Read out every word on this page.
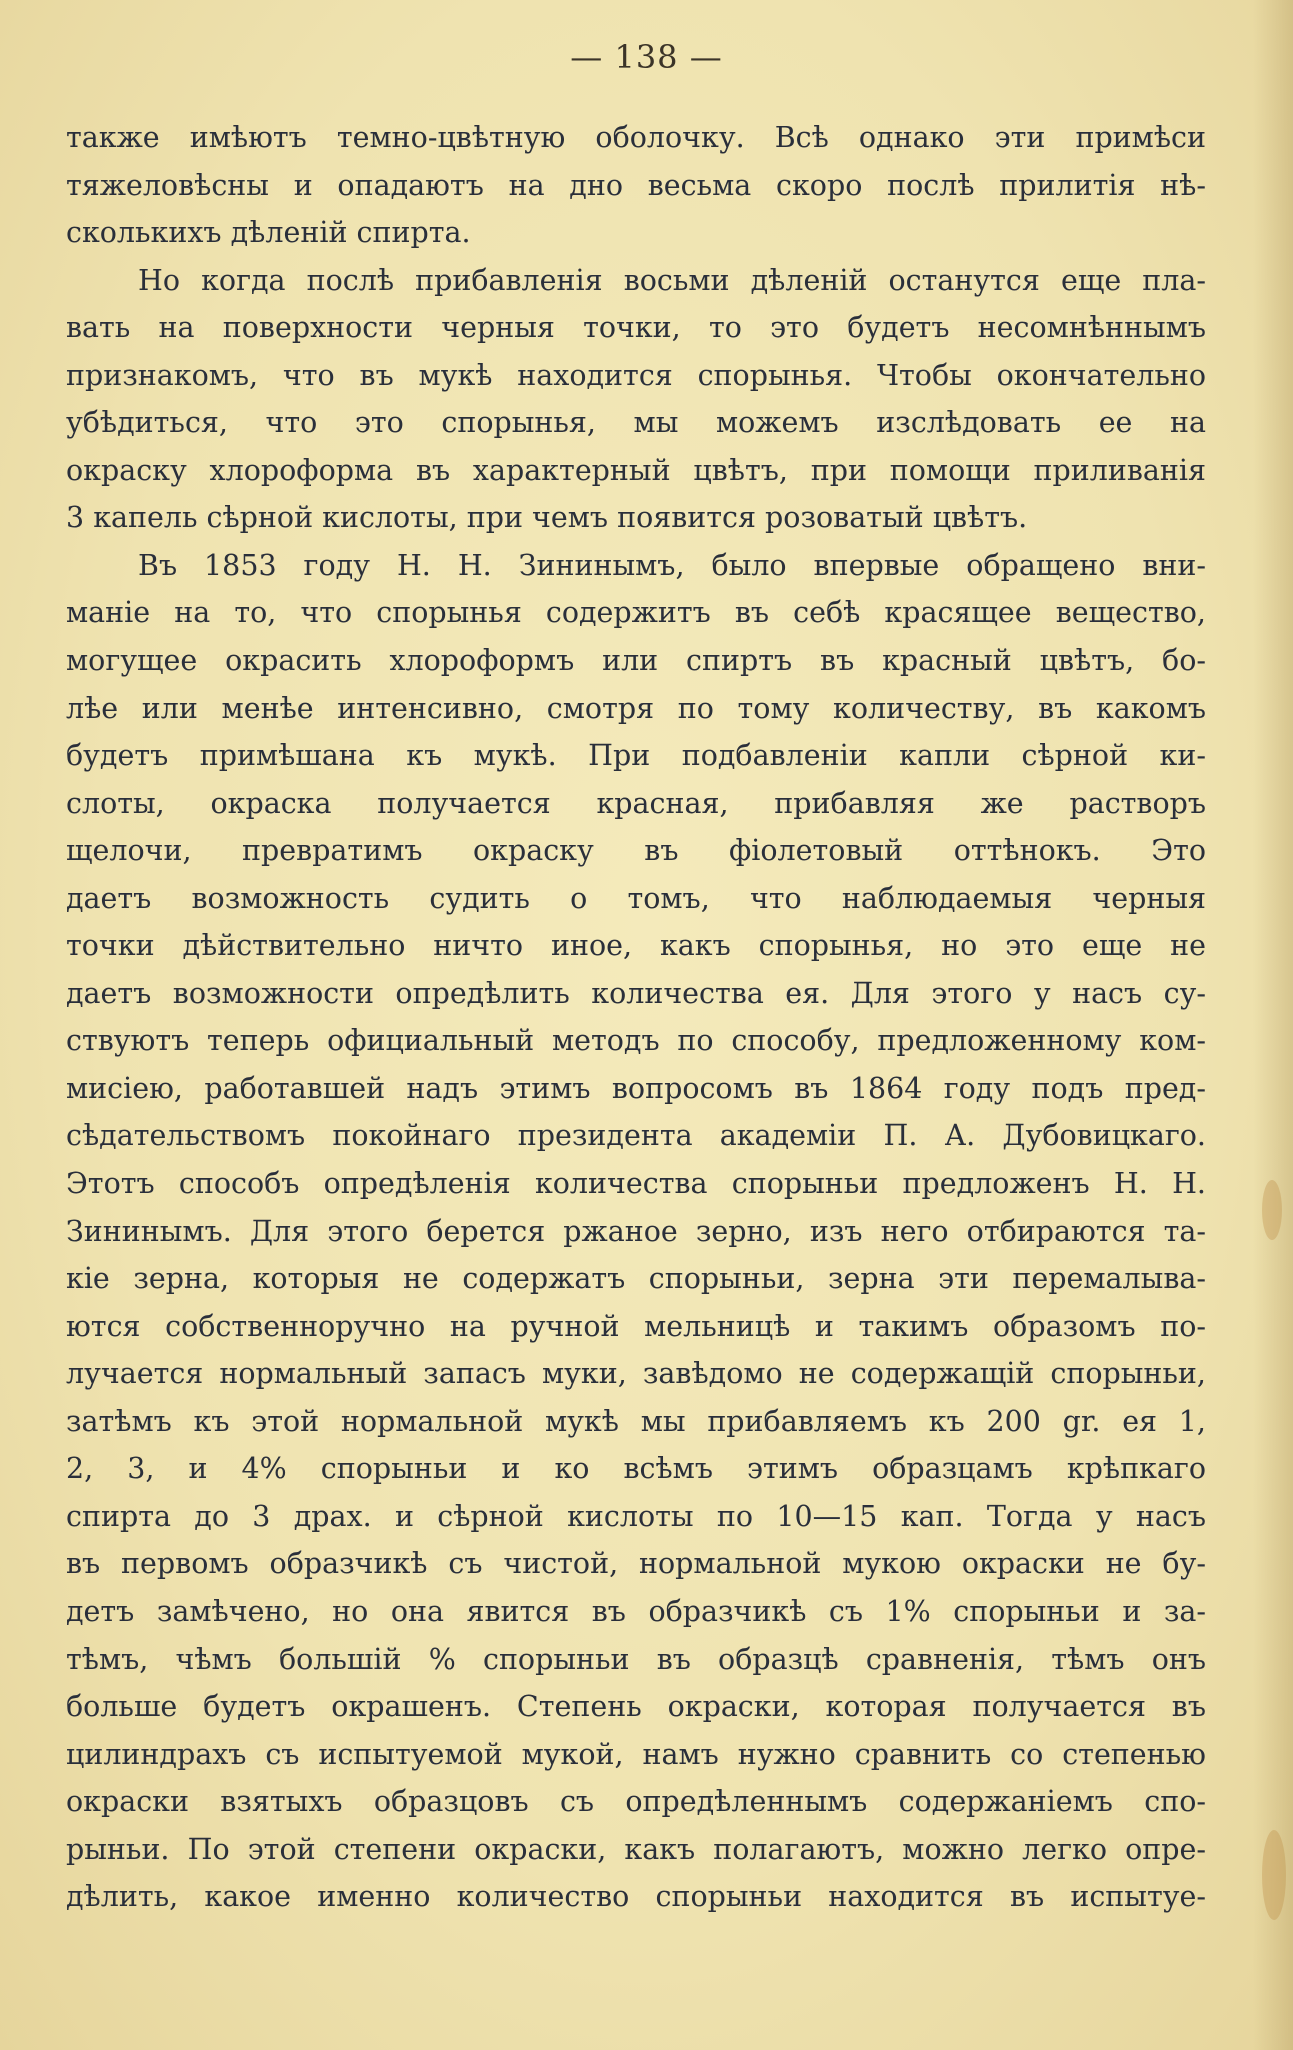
— 138 —
также имѣютъ темно-цвѣтную оболочку. Всѣ однако эти примѣси
тяжеловѣсны и опадаютъ на дно весьма скоро послѣ прилитія нѣ-
сколькихъ дѣленій спирта.
Но когда послѣ прибавленія восьми дѣленій останутся еще пла-
вать на поверхности черныя точки, то это будетъ несомнѣннымъ
признакомъ, что въ мукѣ находится спорынья. Чтобы окончательно
убѣдиться, что это спорынья, мы можемъ изслѣдовать ее на
окраску хлороформа въ характерный цвѣтъ, при помощи приливанія
3 капель сѣрной кислоты, при чемъ появится розоватый цвѣтъ.
Въ 1853 году Н. Н. Зининымъ, было впервые обращено вни-
маніе на то, что спорынья содержитъ въ себѣ красящее вещество,
могущее окрасить хлороформъ или спиртъ въ красный цвѣтъ, бо-
лѣе или менѣе интенсивно, смотря по тому количеству, въ какомъ
будетъ примѣшана къ мукѣ. При подбавленіи капли сѣрной ки-
слоты, окраска получается красная, прибавляя же растворъ
щелочи, превратимъ окраску въ фіолетовый оттѣнокъ. Это
даетъ возможность судить о томъ, что наблюдаемыя черныя
точки дѣйствительно ничто иное, какъ спорынья, но это еще не
даетъ возможности опредѣлить количества ея. Для этого у насъ су-
ствуютъ теперь официальный методъ по способу, предложенному ком-
мисіею, работавшей надъ этимъ вопросомъ въ 1864 году подъ пред-
сѣдательствомъ покойнаго президента академіи П. А. Дубовицкаго.
Этотъ способъ опредѣленія количества спорыньи предложенъ Н. Н.
Зининымъ. Для этого берется ржаное зерно, изъ него отбираются та-
кіе зерна, которыя не содержатъ спорыньи, зерна эти перемалыва-
ются собственноручно на ручной мельницѣ и такимъ образомъ по-
лучается нормальный запасъ муки, завѣдомо не содержащій спорыньи,
затѣмъ къ этой нормальной мукѣ мы прибавляемъ къ 200 gr. ея 1,
2, 3, и 4% спорыньи и ко всѣмъ этимъ образцамъ крѣпкаго
спирта до 3 драх. и сѣрной кислоты по 10—15 кап. Тогда у насъ
въ первомъ образчикѣ съ чистой, нормальной мукою окраски не бу-
детъ замѣчено, но она явится въ образчикѣ съ 1% спорыньи и за-
тѣмъ, чѣмъ большій % спорыньи въ образцѣ сравненія, тѣмъ онъ
больше будетъ окрашенъ. Степень окраски, которая получается въ
цилиндрахъ съ испытуемой мукой, намъ нужно сравнить со степенью
окраски взятыхъ образцовъ съ опредѣленнымъ содержаніемъ спо-
рыньи. По этой степени окраски, какъ полагаютъ, можно легко опре-
дѣлить, какое именно количество спорыньи находится въ испытуе-
